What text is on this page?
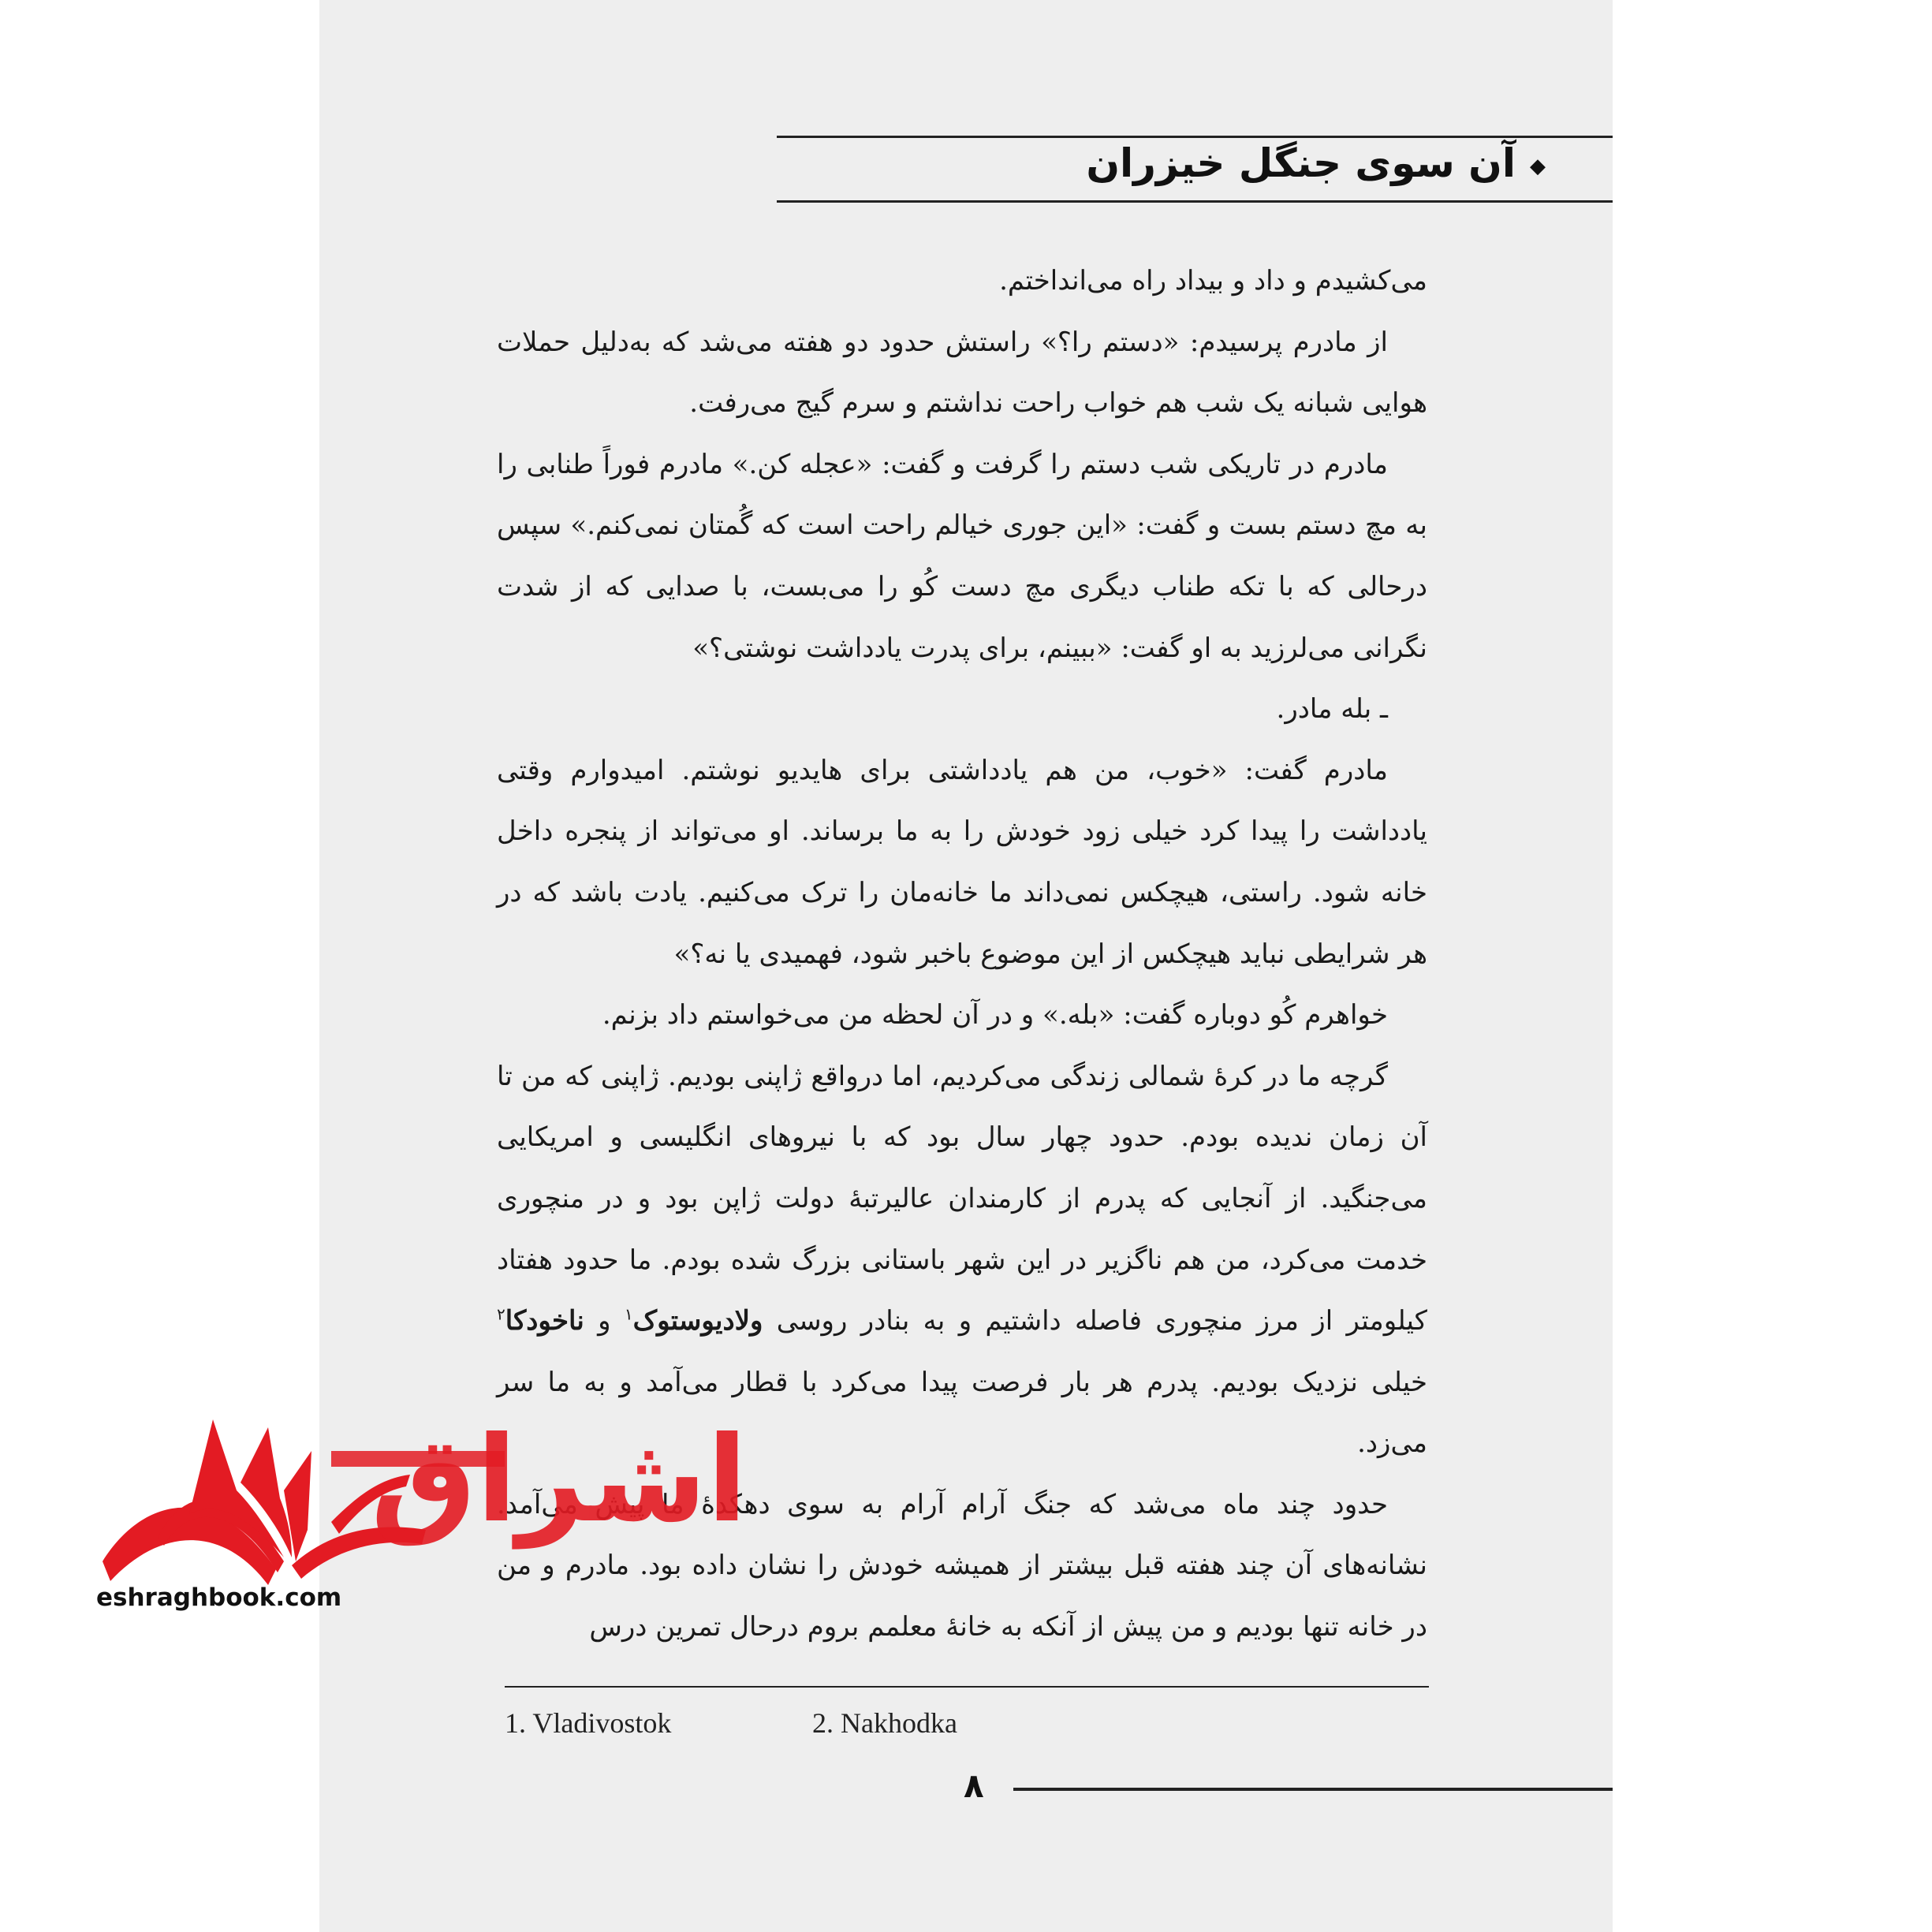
◆آن سوی جنگل خیزران

می‌کشیدم و داد و بیداد راه می‌انداختم.

از مادرم پرسیدم: «دستم را؟» راستش حدود دو هفته می‌شد که به‌دلیل حملات هوایی شبانه یک شب هم خواب راحت نداشتم و سرم گیج می‌رفت.

مادرم در تاریکی شب دستم را گرفت و گفت: «عجله کن.» مادرم فوراً طنابی را به مچ دستم بست و گفت: «این جوری خیالم راحت است که گُمتان نمی‌کنم.» سپس درحالی که با تکه طناب دیگری مچ دست کُو را می‌بست، با صدایی که از شدت نگرانی می‌لرزید به او گفت: «ببینم، برای پدرت یادداشت نوشتی؟»

ـ بله مادر.

مادرم گفت: «خوب، من هم یادداشتی برای هایدیو نوشتم. امیدوارم وقتی یادداشت را پیدا کرد خیلی زود خودش را به ما برساند. او می‌تواند از پنجره داخل خانه شود. راستی، هیچکس نمی‌داند ما خانه‌مان را ترک می‌کنیم. یادت باشد که در هر شرایطی نباید هیچکس از این موضوع باخبر شود، فهمیدی یا نه؟»

خواهرم کُو دوباره گفت: «بله.» و در آن لحظه من می‌خواستم داد بزنم.

گرچه ما در کرهٔ شمالی زندگی می‌کردیم، اما درواقع ژاپنی بودیم. ژاپنی که من تا آن زمان ندیده بودم. حدود چهار سال بود که با نیروهای انگلیسی و امریکایی می‌جنگید. از آنجایی که پدرم از کارمندان عالیرتبهٔ دولت ژاپن بود و در منچوری خدمت می‌کرد، من هم ناگزیر در این شهر باستانی بزرگ شده بودم. ما حدود هفتاد کیلومتر از مرز منچوری فاصله داشتیم و به بنادر روسی ولادیوستوک$^۱$ و ناخودکا$^۲$ خیلی نزدیک بودیم. پدرم هر بار فرصت پیدا می‌کرد با قطار می‌آمد و به ما سر می‌زد.

حدود چند ماه می‌شد که جنگ آرام آرام به سوی دهکدهٔ ما پیش می‌آمد. نشانه‌های آن چند هفته قبل بیشتر از همیشه خودش را نشان داده بود. مادرم و من در خانه تنها بودیم و من پیش از آنکه به خانهٔ معلمم بروم درحال تمرین درس

1. Vladivostok	2. Nakhodka
۸
اشراق
eshraghbook.com
